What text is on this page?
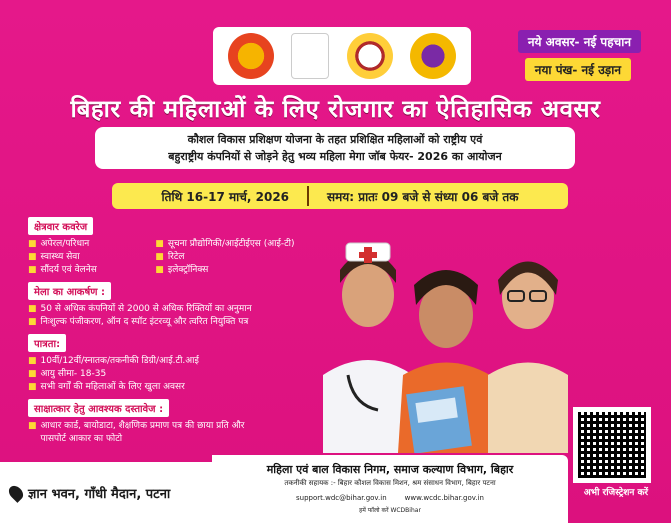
नये अवसर- नई पहचान
नया पंख- नई उड़ान
बिहार की महिलाओं के लिए रोजगार का ऐतिहासिक अवसर
कौशल विकास प्रशिक्षण योजना के तहत प्रशिक्षित महिलाओं को राष्ट्रीय एवं
बहुराष्ट्रीय कंपनियों से जोड़ने हेतु भव्य महिला मेगा जॉब फेयर- 2026 का आयोजन
तिथि 16-17 मार्च, 2026	समय: प्रातः 09 बजे से संध्या 06 बजे तक
क्षेत्रवार कवरेज
■ अपेरल/परिधान	■ सूचना प्रौद्योगिकी/आईटीईएस (आई-टी)
■ स्वास्थ्य सेवा	■ रिटेल
■ सौंदर्य एवं वेलनेस	■ इलेक्ट्रॉनिक्स
मेला का आकर्षण :
■ 50 से अधिक कंपनियों से 2000 से अधिक रिक्तियों का अनुमान
■ निःशुल्क पंजीकरण, ऑन द स्पॉट इंटरव्यू और त्वरित नियुक्ति पत्र
पात्रता:
■ 10वीं/12वीं/स्नातक/तकनीकी डिग्री/आई.टी.आई
■ आयु सीमा- 18-35
■ सभी वर्गों की महिलाओं के लिए खुला अवसर
साक्षात्कार हेतु आवश्यक दस्तावेज :
■ आधार कार्ड, बायोडाटा, शैक्षणिक प्रमाण पत्र की छाया प्रति और
पासपोर्ट आकार का फोटो
अभी रजिस्ट्रेशन करें
ज्ञान भवन, गाँधी मैदान, पटना
महिला एवं बाल विकास निगम, समाज कल्याण विभाग, बिहार
तकनीकी सहायक :- बिहार कौशल विकास मिशन, श्रम संसाधन विभाग, बिहार पटना
support.wdc@bihar.gov.in	www.wcdc.bihar.gov.in
हमें फॉलो करें WCDBihar
